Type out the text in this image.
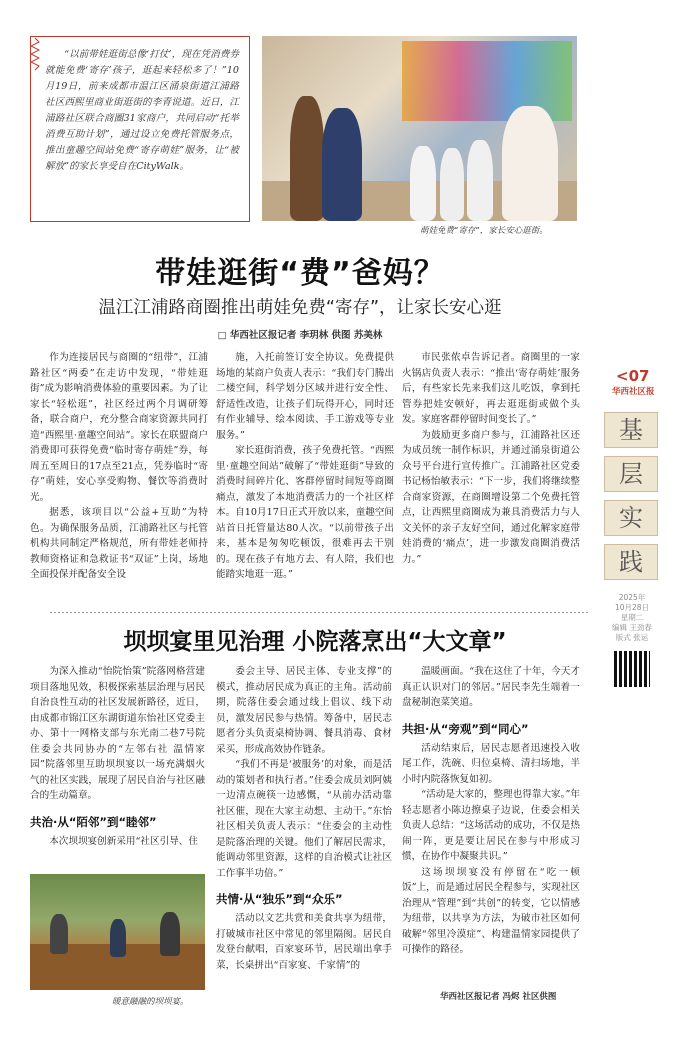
“以前带娃逛街总像‘打仗’，现在凭消费券就能免费‘寄存’孩子，逛起来轻松多了！”10月19日，前来成都市温江区涌泉街道江浦路社区西熙里商业街逛街的李青说道。近日，江浦路社区联合商圈31家商户，共同启动“托举消费互助计划”，通过设立免费托管服务点，推出童趣空间站免费“寄存萌娃”服务，让“被解放”的家长享受自在CityWalk。

萌娃免费“寄存”，家长安心逛街。
带娃逛街“费”爸妈？
温江江浦路商圈推出萌娃免费“寄存”，让家长安心逛
□ 华西社区报记者 李玥林 供图 苏美林

作为连接居民与商圈的“纽带”，江浦路社区“两委”在走访中发现，“带娃逛街”成为影响消费体验的重要因素。为了让家长“轻松逛”，社区经过两个月调研筹备，联合商户，充分整合商家资源共同打造“西熙里·童趣空间站”。家长在联盟商户消费即可获得免费“临时寄存萌娃”券，每周五至周日的17点至21点，凭券临时“寄存”萌娃，安心享受购物、餐饮等消费时光。

据悉，该项目以“公益+互助”为特色。为确保服务品质，江浦路社区与托管机构共同制定严格规范，所有带娃老师持教师资格证和急救证书“双证”上岗，场地全面投保并配备安全设

施，入托前签订安全协议。免费提供场地的某商户负责人表示：“我们专门腾出二楼空间，科学划分区域并进行安全性、舒适性改造，让孩子们玩得开心，同时还有作业辅导、绘本阅读、手工游戏等专业服务。”

家长逛街消费，孩子免费托管。“西熙里·童趣空间站”破解了“带娃逛街”导致的消费时间碎片化、客群停留时间短等商圈痛点，激发了本地消费活力的一个社区样本。自10月17日正式开放以来，童趣空间站首日托管量达80人次。“以前带孩子出来，基本是匆匆吃顿饭，很难再去干别的。现在孩子有地方去、有人陪，我们也能踏实地逛一逛。”

市民张侬卓告诉记者。商圈里的一家火锅店负责人表示：“推出‘寄存萌娃’服务后，有些家长先来我们这儿吃饭，拿到托管券把娃安顿好，再去逛逛街或做个头发。家庭客群停留时间变长了。”

为鼓励更多商户参与，江浦路社区还为成员统一制作标识，并通过涌泉街道公众号平台进行宣传推广。江浦路社区党委书记杨怡敏表示：“下一步，我们将继续整合商家资源，在商圈增设第二个免费托管点，让西熙里商圈成为兼具消费活力与人文关怀的亲子友好空间，通过化解家庭带娃消费的‘痛点’，进一步激发商圈消费活力。”

<07
华西社区报
基
层
实
践
2025年
10月28日
星期二
编辑 王劲春
版式 张运
坝坝宴里见治理 小院落烹出“大文章”

为深入推动“怡院怡策”院落网格营建项目落地见效，积极探索基层治理与居民自治良性互动的社区发展新路径，近日，由成都市锦江区东湖街道东怡社区党委主办、第十一网格支部与东光南二巷7号院住委会共同协办的“左邻右社 温情家园”院落邻里互助坝坝宴以一场充满烟火气的社区实践，展现了居民自治与社区融合的生动篇章。

共治·从“陌邻”到“睦邻”

本次坝坝宴创新采用“社区引导、住

暖意融融的坝坝宴。

委会主导、居民主体、专业支撑”的模式，推动居民成为真正的主角。活动前期，院落住委会通过线上倡议、线下动员，激发居民参与热情。筹备中，居民志愿者分头负责桌椅协调、餐具消毒、食材采买，形成高效协作链条。

“我们不再是‘被服务’的对象，而是活动的策划者和执行者。”住委会成员刘阿姨一边清点碗筷一边感慨，“从前办活动靠社区催，现在大家主动想、主动干。”东怡社区相关负责人表示：“住委会的主动性是院落治理的关键。他们了解居民需求，能调动邻里资源，这样的自治模式让社区工作事半功倍。”

共情·从“独乐”到“众乐”

活动以文艺共赏和美食共享为纽带，打破城市社区中常见的邻里隔阂。居民自发登台献唱，百家宴环节，居民端出拿手菜，长桌拼出“百家宴、千家情”的

温暖画面。“我在这住了十年，今天才真正认识对门的邻居。”居民李先生端着一盘秘制泡菜笑道。

共担·从“旁观”到“同心”

活动结束后，居民志愿者迅速投入收尾工作，洗碗、归位桌椅、清扫场地，半小时内院落恢复如初。

“活动是大家的，整理也得靠大家。”年轻志愿者小陈边擦桌子边说，住委会相关负责人总结：“这场活动的成功，不仅是热闹一阵，更是要让居民在参与中形成习惯，在协作中凝聚共识。”

这场坝坝宴没有停留在“吃一顿饭”上，而是通过居民全程参与，实现社区治理从“管理”到“共创”的转变，它以情感为纽带，以共享为方法，为破市社区如何破解“邻里冷漠症”、构建温情家园提供了可操作的路径。

华西社区报记者 冯烬 社区供图
